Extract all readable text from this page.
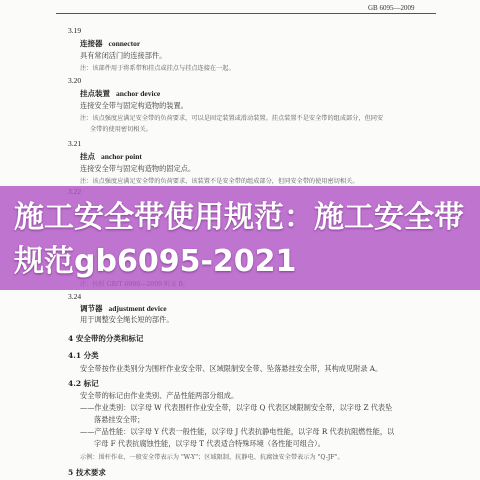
GB 6095—2009
3.19
连接器 connector
具有常闭活门的连接部件。
注：该部件用于将系带和挂点或挂点与挂点连接在一起。
3.20
挂点装置 anchor device
连接安全带与固定构造物的装置。
注：该点强度应满足安全带的负荷要求，可以是固定装置或滑动装置。挂点装置不是安全带的组成部分，但同安
全带的使用密切相关。
3.21
挂点 anchor point
连接安全带与固定构造物的固定点。
注：该点强度应满足安全带的负荷要求，该装置不是安全带的组成部分，但同安全带的使用密切相关。
3.24
调节器 adjustment device
用于调整安全绳长短的部件。
4 安全带的分类和标记
4.1 分类
安全带按作业类别分为围杆作业安全带、区域限制安全带、坠落悬挂安全带，其构成见附录 A。
4.2 标记
安全带的标记由作业类别、产品性能两部分组成。
——作业类别：以字母 W 代表围杆作业安全带，以字母 Q 代表区域限制安全带，以字母 Z 代表坠
落悬挂安全带；
——产品性能：以字母 Y 代表一般性能，以字母 J 代表抗静电性能，以字母 R 代表抗阻燃性能，以
字母 F 代表抗腐蚀性能，以字母 T 代表适合特殊环境（各性能可组合）。
示例：围杆作业、一般安全带表示为 "W-Y"；区域限制、抗静电、抗腐蚀安全带表示为 "Q-JF"。
5 技术要求
施工安全带使用规范：施工安全带规范gb6095-2021
